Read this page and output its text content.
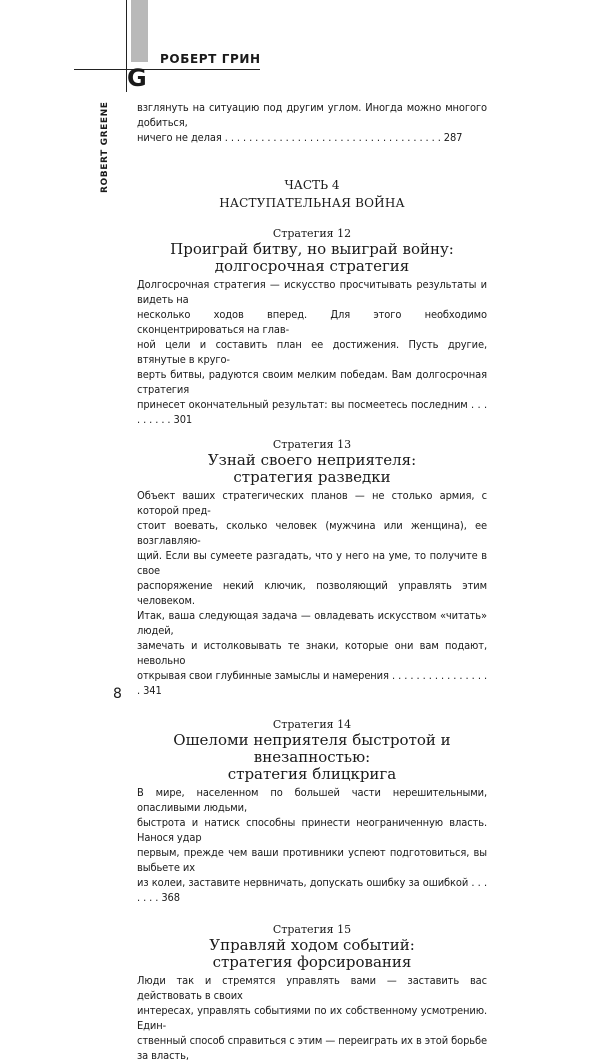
РОБЕРТ ГРИН
G
ROBERT GREENE взглянуть на ситуацию под другим углом. Иногда можно многого добиться,
ничего не делая . . . . . . . . . . . . . . . . . . . . . . . . . . . . . . . . . . . . 287

ЧАСТЬ 4
НАСТУПАТЕЛЬНАЯ ВОЙНА
Стратегия 12
Проиграй битву, но выиграй войну:
долгосрочная стратегия

Долгосрочная стратегия — искусство просчитывать результаты и видеть на
несколько ходов вперед. Для этого необходимо сконцентрироваться на глав-
ной цели и составить план ее достижения. Пусть другие, втянутые в круго-
верть битвы, радуются своим мелким победам. Вам долгосрочная стратегия
принесет окончательный результат: вы посмеетесь последним . . . . . . . . . 301

Стратегия 13
Узнай своего неприятеля:
стратегия разведки

Объект ваших стратегических планов — не столько армия, с которой пред-
стоит воевать, сколько человек (мужчина или женщина), ее возглавляю-
щий. Если вы сумеете разгадать, что у него на уме, то получите в свое
распоряжение некий ключик, позволяющий управлять этим человеком.
Итак, ваша следующая задача — овладевать искусством «читать» людей,
замечать и истолковывать те знаки, которые они вам подают, невольно
открывая свои глубинные замыслы и намерения . . . . . . . . . . . . . . . . . 341

Стратегия 14
Ошеломи неприятеля быстротой и внезапностью:
стратегия блицкрига

В мире, населенном по большей части нерешительными, опасливыми людьми,
быстрота и натиск способны принести неограниченную власть. Нанося удар
первым, прежде чем ваши противники успеют подготовиться, вы выбьете их
из колеи, заставите нервничать, допускать ошибку за ошибкой . . . . . . . 368

Стратегия 15
Управляй ходом событий:
стратегия форсирования

Люди так и стремятся управлять вами — заставить вас действовать в своих
интересах, управлять событиями по их собственному усмотрению. Един-
ственный способ справиться с этим — переиграть их в этой борьбе за власть,

8
